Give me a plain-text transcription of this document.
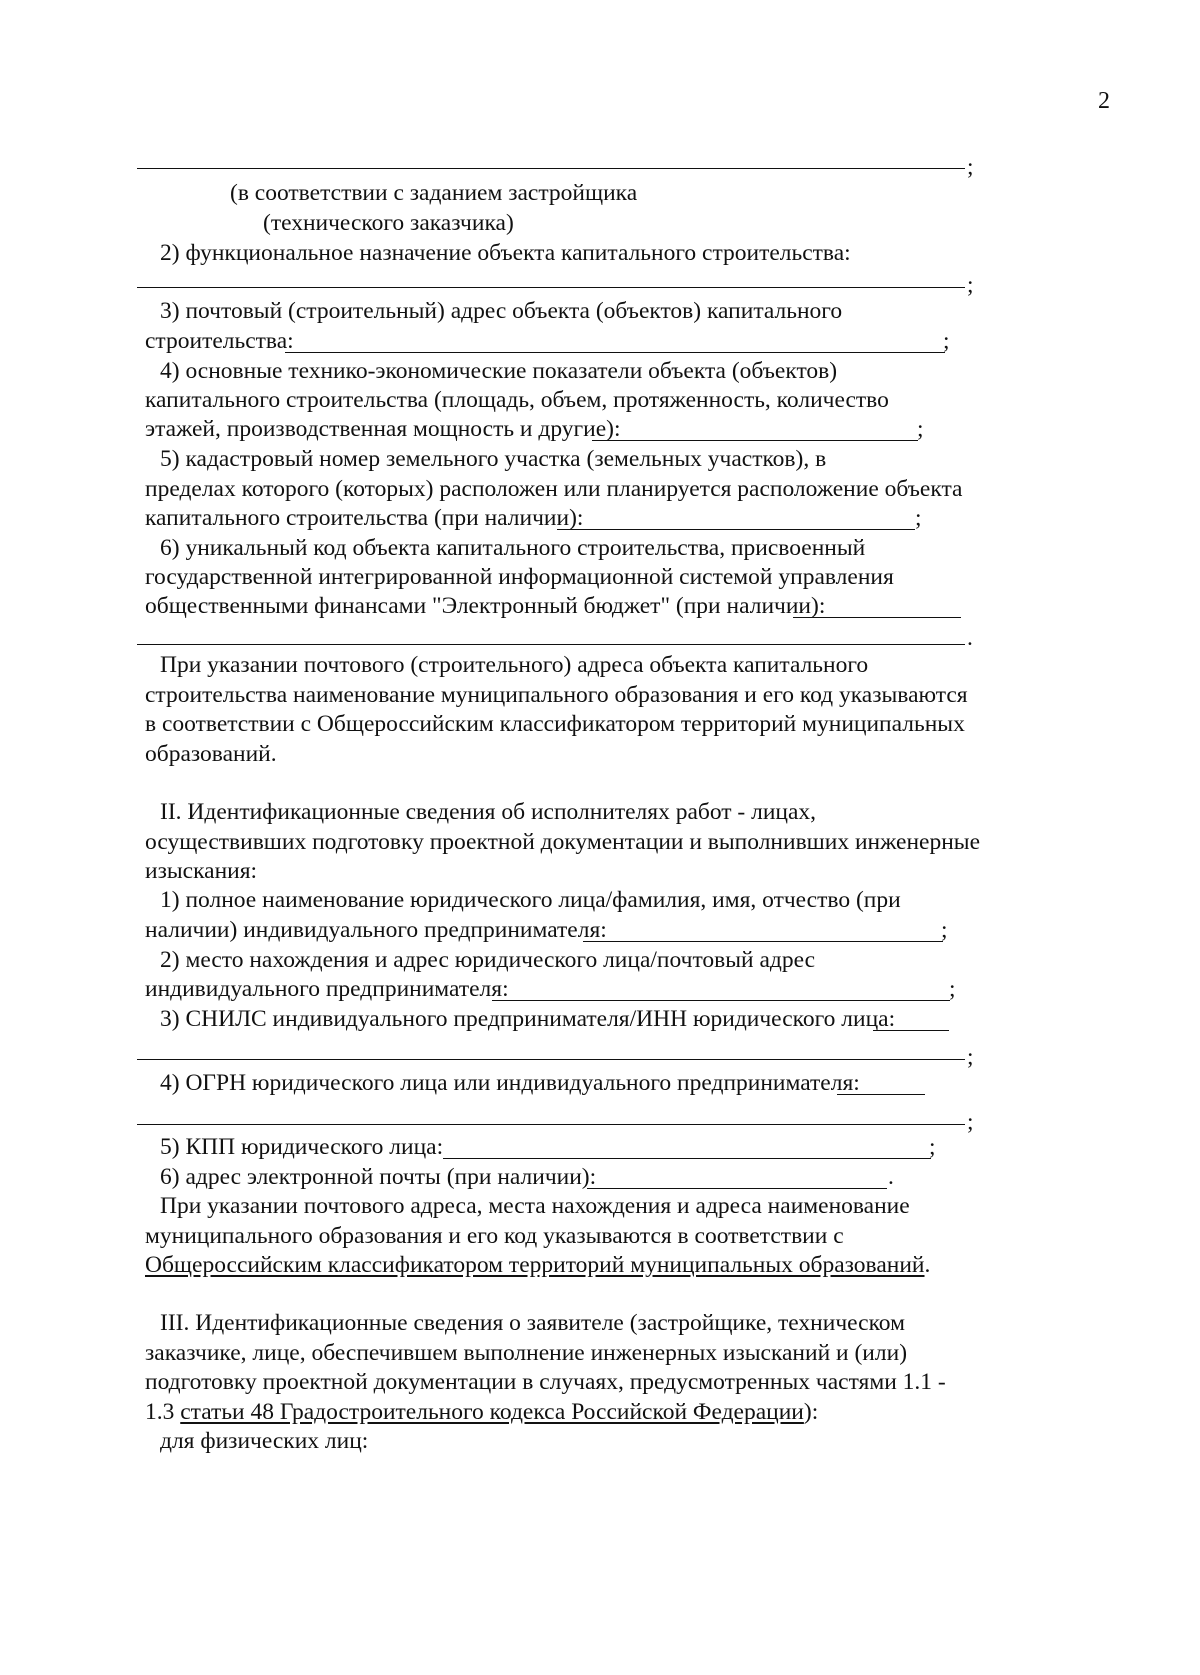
2
;
(в соответствии с заданием застройщика
(технического заказчика)
2) функциональное назначение объекта капитального строительства:
;
3) почтовый (строительный) адрес объекта (объектов) капитального
строительства:	;
4) основные технико-экономические показатели объекта (объектов)
капитального строительства (площадь, объем, протяженность, количество
этажей, производственная мощность и другие):	;
5) кадастровый номер земельного участка (земельных участков), в
пределах которого (которых) расположен или планируется расположение объекта
капитального строительства (при наличии):	;
6) уникальный код объекта капитального строительства, присвоенный
государственной интегрированной информационной системой управления
общественными финансами "Электронный бюджет" (при наличии):
.
При указании почтового (строительного) адреса объекта капитального
строительства наименование муниципального образования и его код указываются
в соответствии с Общероссийским классификатором территорий муниципальных
образований.
II. Идентификационные сведения об исполнителях работ - лицах,
осуществивших подготовку проектной документации и выполнивших инженерные
изыскания:
1) полное наименование юридического лица/фамилия, имя, отчество (при
наличии) индивидуального предпринимателя:	;
2) место нахождения и адрес юридического лица/почтовый адрес
индивидуального предпринимателя:	;
3) СНИЛС индивидуального предпринимателя/ИНН юридического лица:
;
4) ОГРН юридического лица или индивидуального предпринимателя:
;
5) КПП юридического лица:	;
6) адрес электронной почты (при наличии):	.
При указании почтового адреса, места нахождения и адреса наименование
муниципального образования и его код указываются в соответствии с
Общероссийским классификатором территорий муниципальных образований.
III. Идентификационные сведения о заявителе (застройщике, техническом
заказчике, лице, обеспечившем выполнение инженерных изысканий и (или)
подготовку проектной документации в случаях, предусмотренных частями 1.1 -
1.3 статьи 48 Градостроительного кодекса Российской Федерации):
для физических лиц:
